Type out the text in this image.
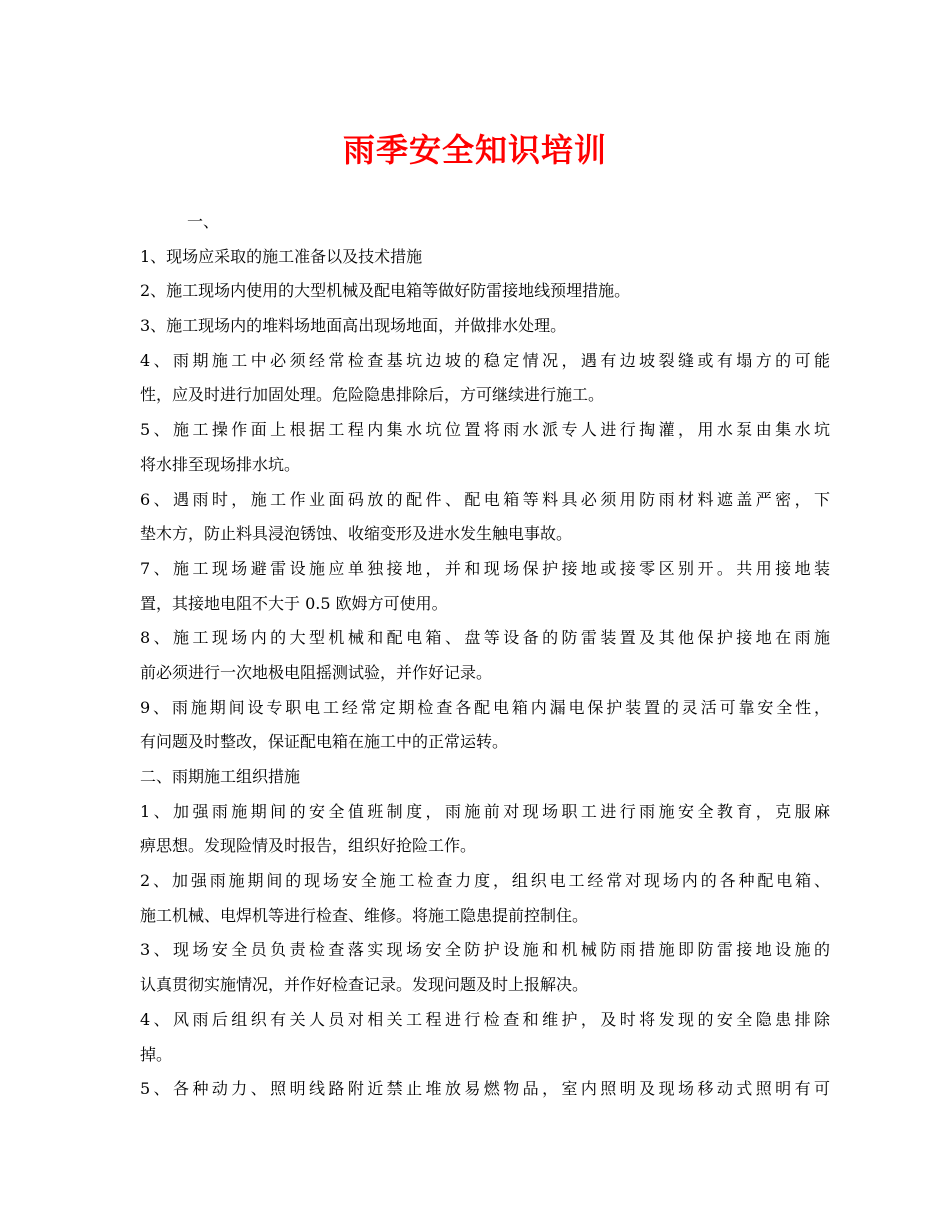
雨季安全知识培训
一、
1、现场应采取的施工准备以及技术措施
2、施工现场内使用的大型机械及配电箱等做好防雷接地线预埋措施。
3、施工现场内的堆料场地面高出现场地面，并做排水处理。
4、雨期施工中必须经常检查基坑边坡的稳定情况，遇有边坡裂缝或有塌方的可能
性，应及时进行加固处理。危险隐患排除后，方可继续进行施工。
5、施工操作面上根据工程内集水坑位置将雨水派专人进行掏灌，用水泵由集水坑
将水排至现场排水坑。
6、遇雨时，施工作业面码放的配件、配电箱等料具必须用防雨材料遮盖严密，下
垫木方，防止料具浸泡锈蚀、收缩变形及进水发生触电事故。
7、施工现场避雷设施应单独接地，并和现场保护接地或接零区别开。共用接地装
置，其接地电阻不大于 0.5 欧姆方可使用。
8、施工现场内的大型机械和配电箱、盘等设备的防雷装置及其他保护接地在雨施
前必须进行一次地极电阻摇测试验，并作好记录。
9、雨施期间设专职电工经常定期检查各配电箱内漏电保护装置的灵活可靠安全性，
有问题及时整改，保证配电箱在施工中的正常运转。
二、雨期施工组织措施
1、加强雨施期间的安全值班制度，雨施前对现场职工进行雨施安全教育，克服麻
痹思想。发现险情及时报告，组织好抢险工作。
2、加强雨施期间的现场安全施工检查力度，组织电工经常对现场内的各种配电箱、
施工机械、电焊机等进行检查、维修。将施工隐患提前控制住。
3、现场安全员负责检查落实现场安全防护设施和机械防雨措施即防雷接地设施的
认真贯彻实施情况，并作好检查记录。发现问题及时上报解决。
4、风雨后组织有关人员对相关工程进行检查和维护，及时将发现的安全隐患排除
掉。
5、各种动力、照明线路附近禁止堆放易燃物品，室内照明及现场移动式照明有可
